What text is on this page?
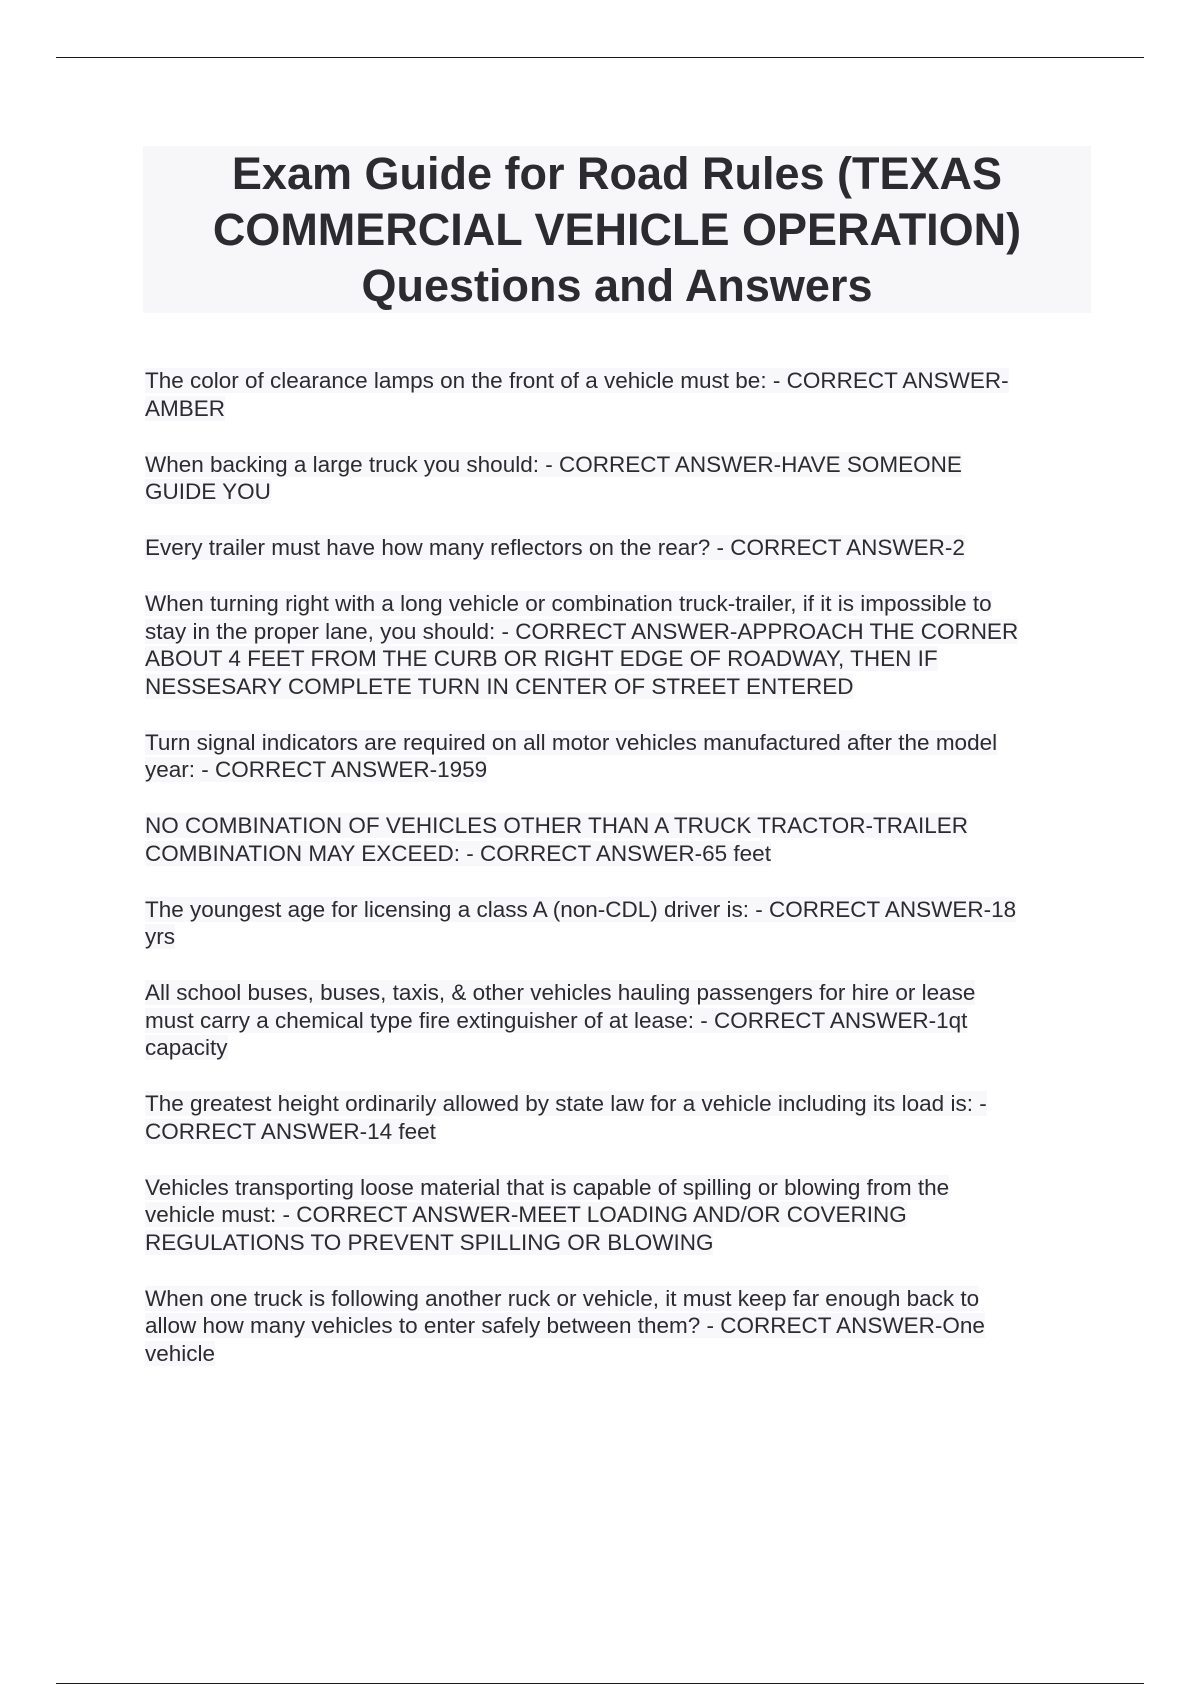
Exam Guide for Road Rules (TEXAS
COMMERCIAL VEHICLE OPERATION)
Questions and Answers

The color of clearance lamps on the front of a vehicle must be: - CORRECT ANSWER-
AMBER

When backing a large truck you should: - CORRECT ANSWER-HAVE SOMEONE
GUIDE YOU

Every trailer must have how many reflectors on the rear? - CORRECT ANSWER-2

When turning right with a long vehicle or combination truck-trailer, if it is impossible to
stay in the proper lane, you should: - CORRECT ANSWER-APPROACH THE CORNER
ABOUT 4 FEET FROM THE CURB OR RIGHT EDGE OF ROADWAY, THEN IF
NESSESARY COMPLETE TURN IN CENTER OF STREET ENTERED

Turn signal indicators are required on all motor vehicles manufactured after the model
year: - CORRECT ANSWER-1959

NO COMBINATION OF VEHICLES OTHER THAN A TRUCK TRACTOR-TRAILER
COMBINATION MAY EXCEED: - CORRECT ANSWER-65 feet

The youngest age for licensing a class A (non-CDL) driver is: - CORRECT ANSWER-18
yrs

All school buses, buses, taxis, & other vehicles hauling passengers for hire or lease
must carry a chemical type fire extinguisher of at lease: - CORRECT ANSWER-1qt
capacity

The greatest height ordinarily allowed by state law for a vehicle including its load is: -
CORRECT ANSWER-14 feet

Vehicles transporting loose material that is capable of spilling or blowing from the
vehicle must: - CORRECT ANSWER-MEET LOADING AND/OR COVERING
REGULATIONS TO PREVENT SPILLING OR BLOWING

When one truck is following another ruck or vehicle, it must keep far enough back to
allow how many vehicles to enter safely between them? - CORRECT ANSWER-One
vehicle
